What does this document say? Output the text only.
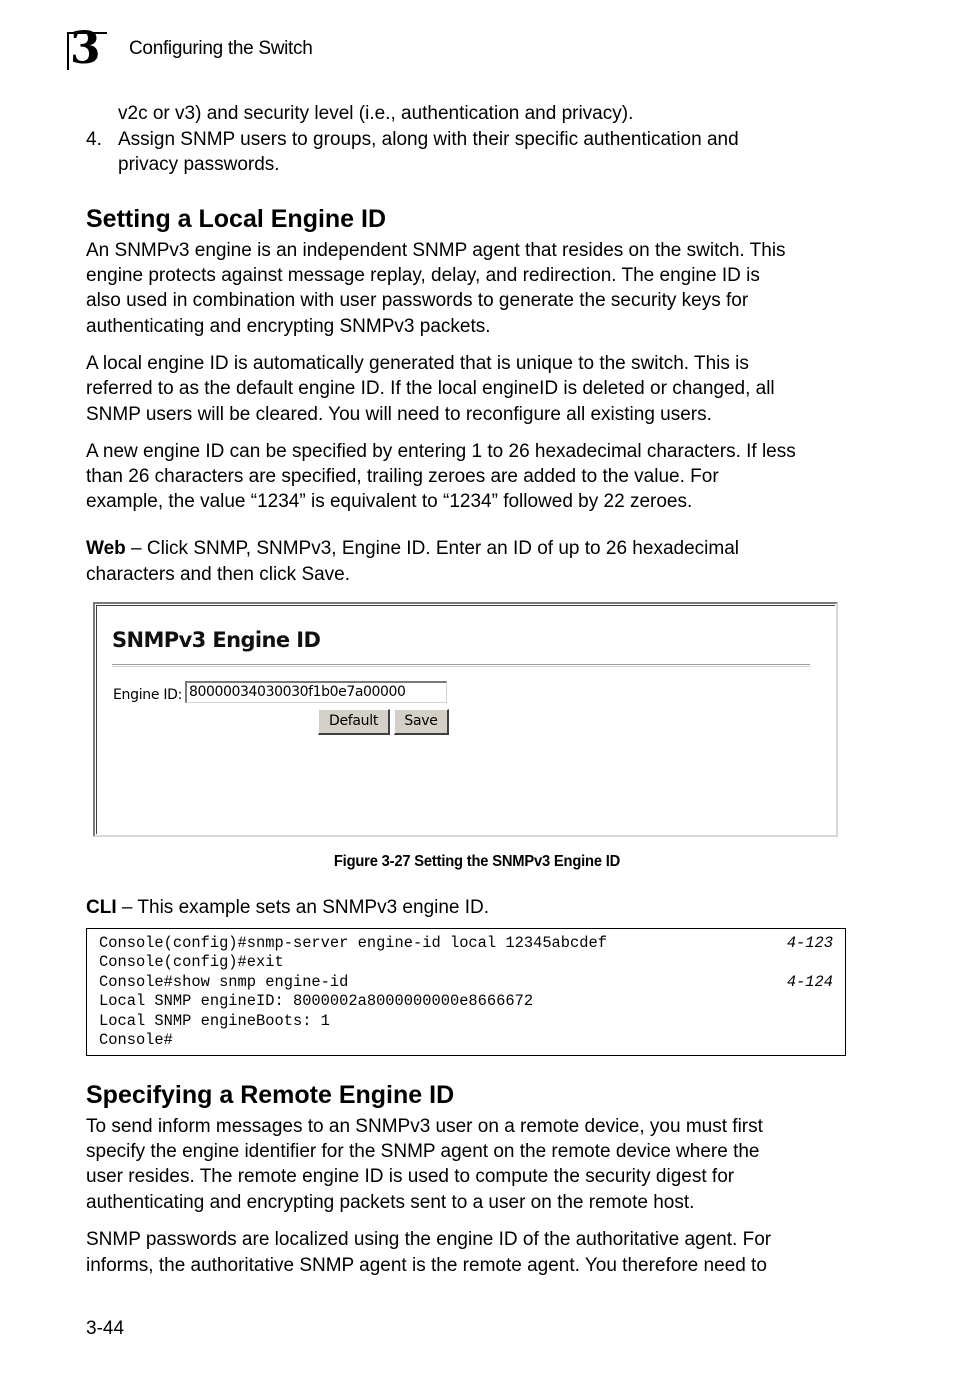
3 Configuring the Switch

v2c or v3) and security level (i.e., authentication and privacy).

4. Assign SNMP users to groups, along with their specific authentication and

privacy passwords.

Setting a Local Engine ID

An SNMPv3 engine is an independent SNMP agent that resides on the switch. This

engine protects against message replay, delay, and redirection. The engine ID is

also used in combination with user passwords to generate the security keys for

authenticating and encrypting SNMPv3 packets.

A local engine ID is automatically generated that is unique to the switch. This is

referred to as the default engine ID. If the local engineID is deleted or changed, all

SNMP users will be cleared. You will need to reconfigure all existing users.

A new engine ID can be specified by entering 1 to 26 hexadecimal characters. If less

than 26 characters are specified, trailing zeroes are added to the value. For

example, the value “1234” is equivalent to “1234” followed by 22 zeroes.

Web – Click SNMP, SNMPv3, Engine ID. Enter an ID of up to 26 hexadecimal

characters and then click Save.

SNMPv3 Engine ID
Engine ID: 80000034030030f1b0e7a00000
Default	Save
Figure 3-27 Setting the SNMPv3 Engine ID

CLI – This example sets an SNMPv3 engine ID.

Console(config)#snmp-server engine-id local 12345abcdef	4-123
Console(config)#exit
Console#show snmp engine-id	4-124
Local SNMP engineID: 8000002a8000000000e8666672
Local SNMP engineBoots: 1
Console#
Specifying a Remote Engine ID

To send inform messages to an SNMPv3 user on a remote device, you must first

specify the engine identifier for the SNMP agent on the remote device where the

user resides. The remote engine ID is used to compute the security digest for

authenticating and encrypting packets sent to a user on the remote host.

SNMP passwords are localized using the engine ID of the authoritative agent. For

informs, the authoritative SNMP agent is the remote agent. You therefore need to

3-44
